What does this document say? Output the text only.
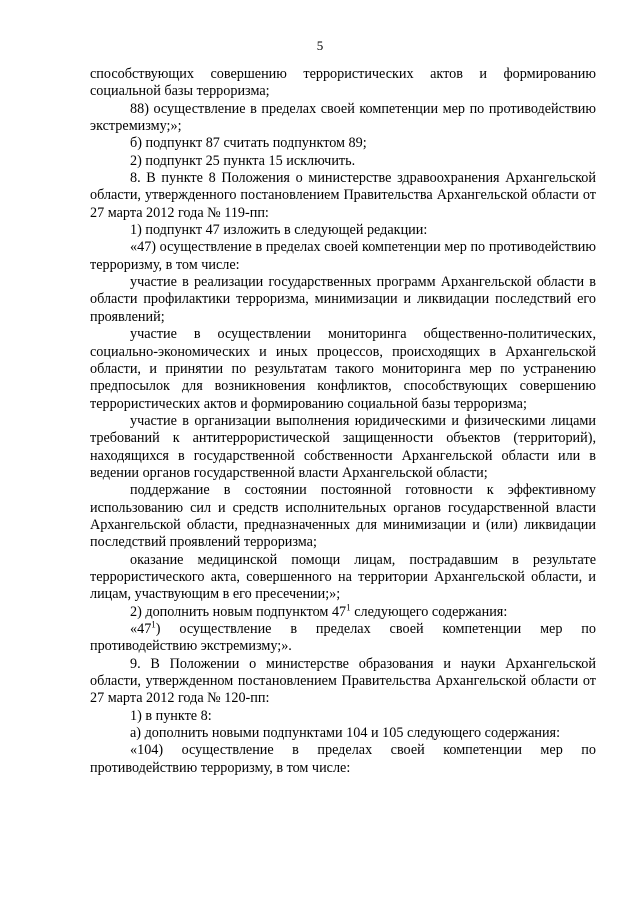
5
способствующих совершению террористических актов и формированию социальной базы терроризма;
88) осуществление в пределах своей компетенции мер по противодействию экстремизму;»;
б) подпункт 87 считать подпунктом 89;
2) подпункт 25 пункта 15 исключить.
8. В пункте 8 Положения о министерстве здравоохранения Архангельской области, утвержденного постановлением Правительства Архангельской области от 27 марта 2012 года № 119-пп:
1) подпункт 47 изложить в следующей редакции:
«47) осуществление в пределах своей компетенции мер по противодействию терроризму, в том числе:
участие в реализации государственных программ Архангельской области в области профилактики терроризма, минимизации и ликвидации последствий его проявлений;
участие в осуществлении мониторинга общественно-политических, социально-экономических и иных процессов, происходящих в Архангельской области, и принятии по результатам такого мониторинга мер по устранению предпосылок для возникновения конфликтов, способствующих совершению террористических актов и формированию социальной базы терроризма;
участие в организации выполнения юридическими и физическими лицами требований к антитеррористической защищенности объектов (территорий), находящихся в государственной собственности Архангельской области или в ведении органов государственной власти Архангельской области;
поддержание в состоянии постоянной готовности к эффективному использованию сил и средств исполнительных органов государственной власти Архангельской области, предназначенных для минимизации и (или) ликвидации последствий проявлений терроризма;
оказание медицинской помощи лицам, пострадавшим в результате террористического акта, совершенного на территории Архангельской области, и лицам, участвующим в его пресечении;»;
2) дополнить новым подпунктом $47^1$ следующего содержания:
«$47^1$) осуществление в пределах своей компетенции мер по противодействию экстремизму;».
9. В Положении о министерстве образования и науки Архангельской области, утвержденном постановлением Правительства Архангельской области от 27 марта 2012 года № 120-пп:
1) в пункте 8:
а) дополнить новыми подпунктами 104 и 105 следующего содержания:
«104) осуществление в пределах своей компетенции мер по противодействию терроризму, в том числе:
